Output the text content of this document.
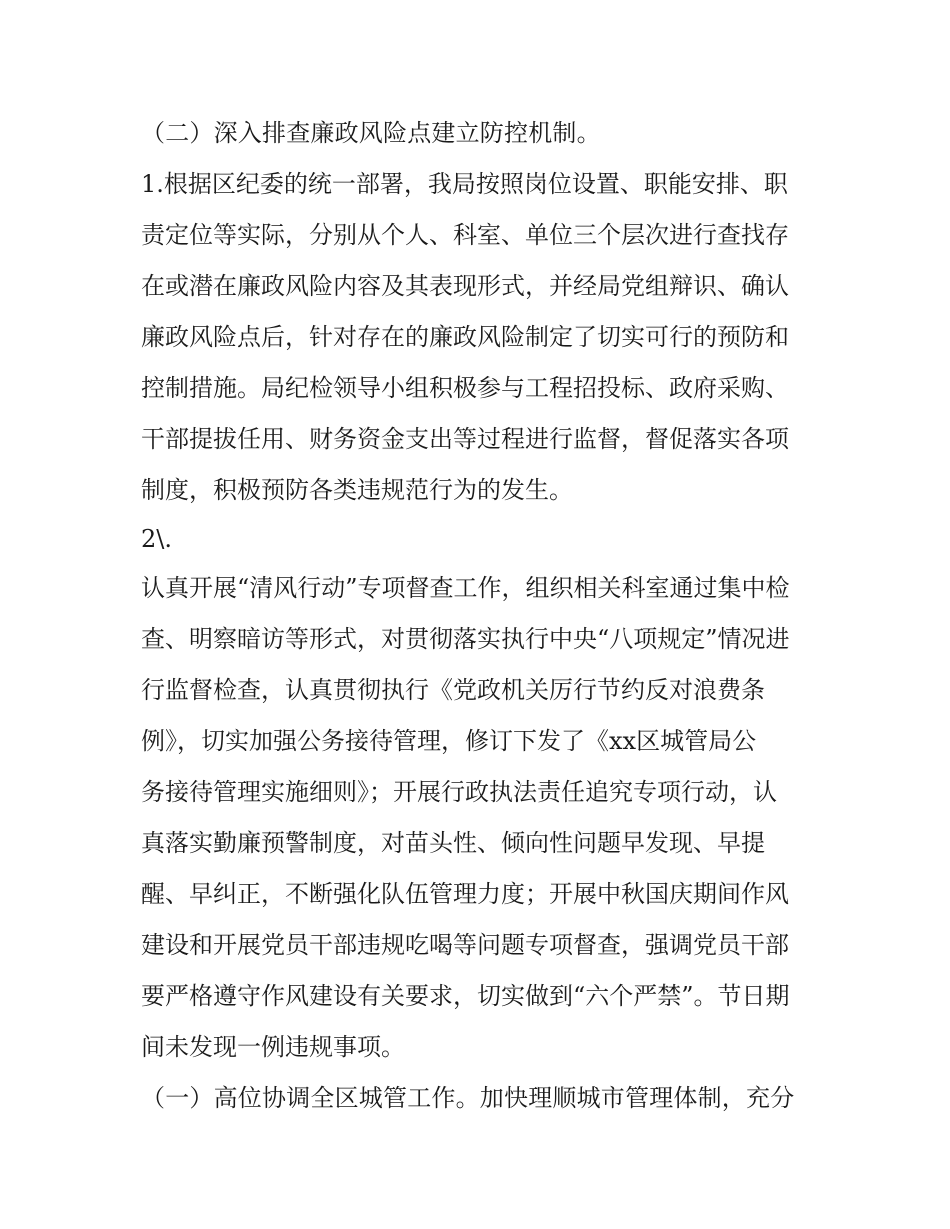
（二）深入排查廉政风险点建立防控机制。
1.根据区纪委的统一部署，我局按照岗位设置、职能安排、职
责定位等实际，分别从个人、科室、单位三个层次进行查找存
在或潜在廉政风险内容及其表现形式，并经局党组辩识、确认
廉政风险点后，针对存在的廉政风险制定了切实可行的预防和
控制措施。局纪检领导小组积极参与工程招投标、政府采购、
干部提拔任用、财务资金支出等过程进行监督，督促落实各项
制度，积极预防各类违规范行为的发生。
2\.
认真开展“清风行动”专项督查工作，组织相关科室通过集中检
查、明察暗访等形式，对贯彻落实执行中央“八项规定”情况进
行监督检查，认真贯彻执行《党政机关厉行节约反对浪费条
例》，切实加强公务接待管理，修订下发了《xx区城管局公
务接待管理实施细则》；开展行政执法责任追究专项行动，认
真落实勤廉预警制度，对苗头性、倾向性问题早发现、早提
醒、早纠正，不断强化队伍管理力度；开展中秋国庆期间作风
建设和开展党员干部违规吃喝等问题专项督查，强调党员干部
要严格遵守作风建设有关要求，切实做到“六个严禁”。节日期
间未发现一例违规事项。
（一）高位协调全区城管工作。加快理顺城市管理体制，充分
